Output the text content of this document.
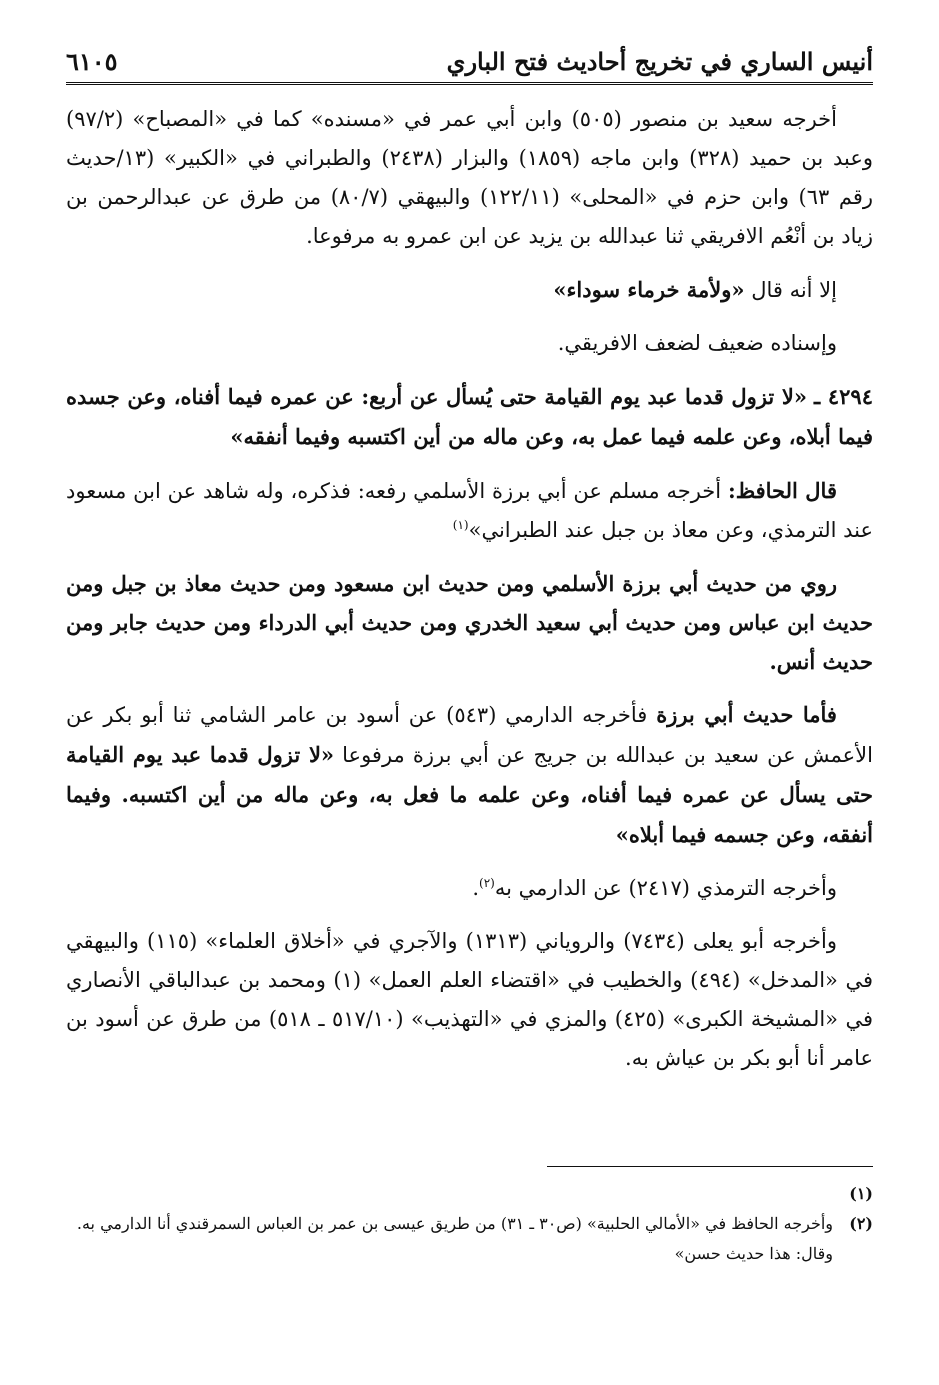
أنيس الساري في تخريج أحاديث فتح الباري
٦١٠٥

أخرجه سعيد بن منصور (٥٠٥) وابن أبي عمر في «مسنده» كما في «المصباح» (٩٧/٢) وعبد بن حميد (٣٢٨) وابن ماجه (١٨٥٩) والبزار (٢٤٣٨) والطبراني في «الكبير» (١٣/حديث رقم ٦٣) وابن حزم في «المحلى» (١٢٢/١١) والبيهقي (٨٠/٧) من طرق عن عبدالرحمن بن زياد بن أنْعُم الافريقي ثنا عبدالله بن يزيد عن ابن عمرو به مرفوعا.

إلا أنه قال «ولأمة خرماء سوداء»

وإسناده ضعيف لضعف الافريقي.

٤٢٩٤ ـ «لا تزول قدما عبد يوم القيامة حتى يُسأل عن أربع: عن عمره فيما أفناه، وعن جسده فيما أبلاه، وعن علمه فيما عمل به، وعن ماله من أين اكتسبه وفيما أنفقه»

قال الحافظ: أخرجه مسلم عن أبي برزة الأسلمي رفعه: فذكره، وله شاهد عن ابن مسعود عند الترمذي، وعن معاذ بن جبل عند الطبراني»$^{(١)}$

روي من حديث أبي برزة الأسلمي ومن حديث ابن مسعود ومن حديث معاذ بن جبل ومن حديث ابن عباس ومن حديث أبي سعيد الخدري ومن حديث أبي الدرداء ومن حديث جابر ومن حديث أنس.

فأما حديث أبي برزة فأخرجه الدارمي (٥٤٣) عن أسود بن عامر الشامي ثنا أبو بكر عن الأعمش عن سعيد بن عبدالله بن جريج عن أبي برزة مرفوعا «لا تزول قدما عبد يوم القيامة حتى يسأل عن عمره فيما أفناه، وعن علمه ما فعل به، وعن ماله من أين اكتسبه. وفيما أنفقه، وعن جسمه فيما أبلاه»

وأخرجه الترمذي (٢٤١٧) عن الدارمي به$^{(٢)}$.

وأخرجه أبو يعلى (٧٤٣٤) والروياني (١٣١٣) والآجري في «أخلاق العلماء» (١١٥) والبيهقي في «المدخل» (٤٩٤) والخطيب في «اقتضاء العلم العمل» (١) ومحمد بن عبدالباقي الأنصاري في «المشيخة الكبرى» (٤٢٥) والمزي في «التهذيب» (٥١٧/١٠ ـ ٥١٨) من طرق عن أسود بن عامر أنا أبو بكر بن عياش به.

(١)
(٢)
وأخرجه الحافظ في «الأمالي الحلبية» (ص٣٠ ـ ٣١) من طريق عيسى بن عمر بن العباس السمرقندي أنا الدارمي به.
وقال: هذا حديث حسن»
